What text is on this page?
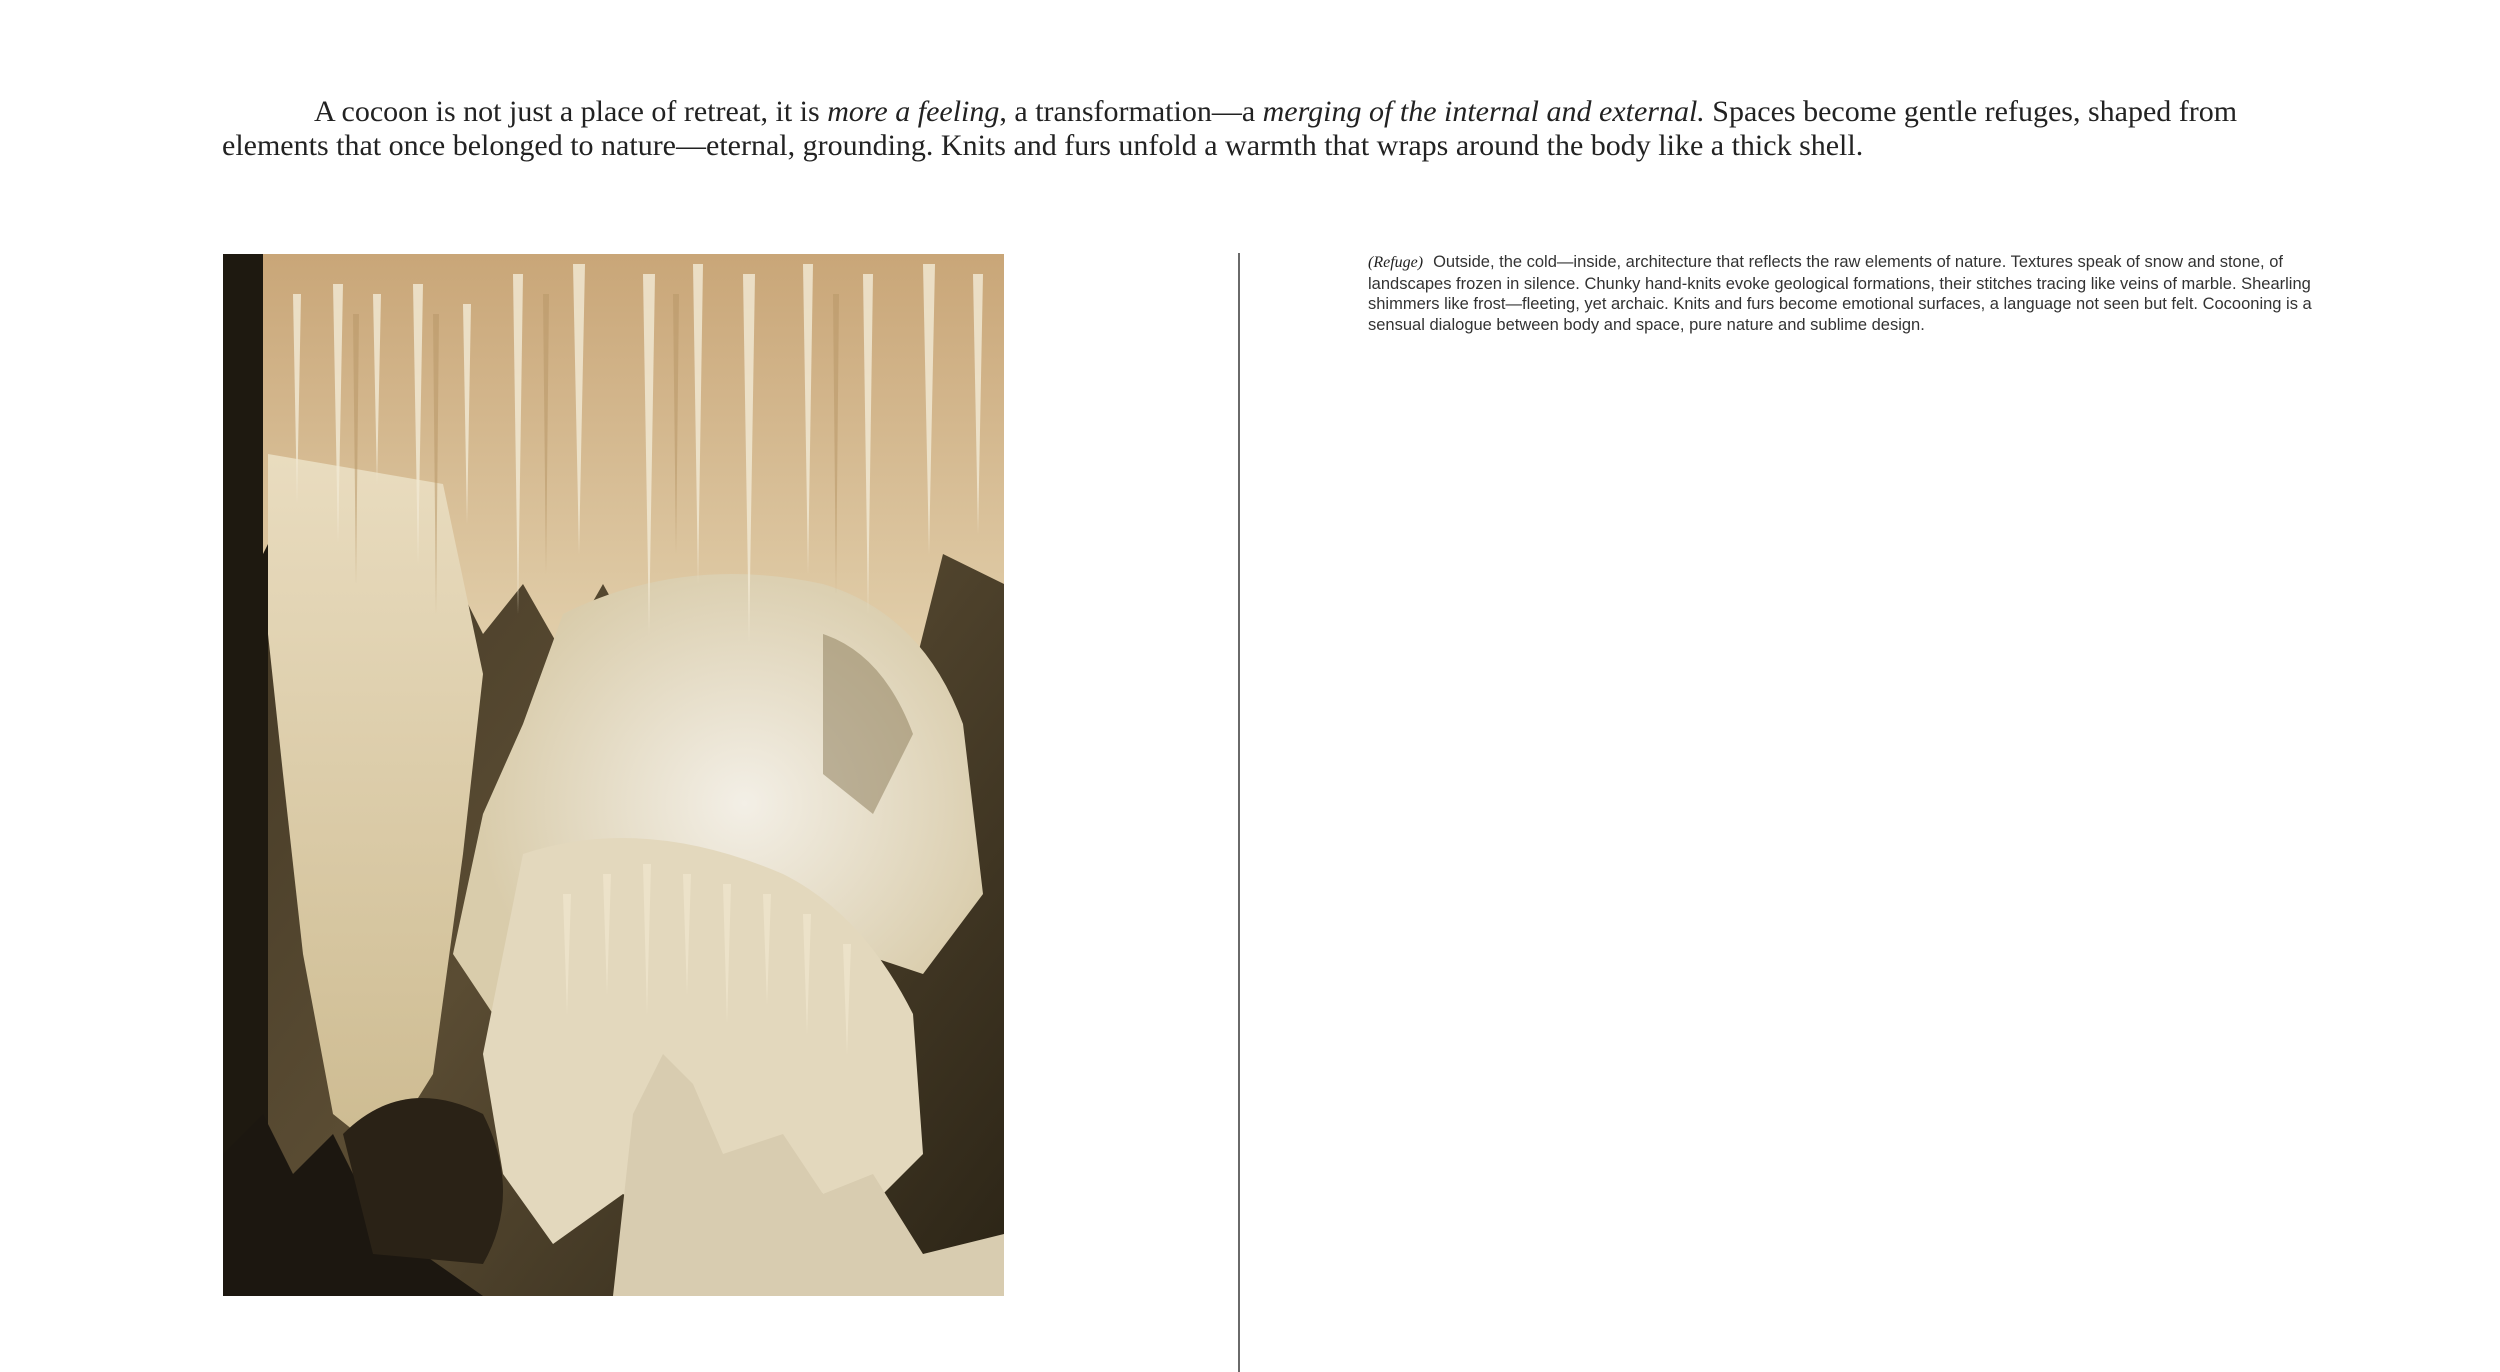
A cocoon is not just a place of retreat, it is more a feeling, a transformation—a merging of the internal and external. Spaces become gentle refuges, shaped from elements that once belonged to nature—eternal, grounding. Knits and furs unfold a warmth that wraps around the body like a thick shell.

(Refuge) Outside, the cold—inside, architecture that reflects the raw elements of nature. Textures speak of snow and stone, of landscapes frozen in silence. Chunky hand-knits evoke geological formations, their stitches tracing like veins of marble. Shearling shimmers like frost—fleeting, yet archaic. Knits and furs become emotional surfaces, a language not seen but felt. Cocooning is a sensual dialogue between body and space, pure nature and sublime design.
